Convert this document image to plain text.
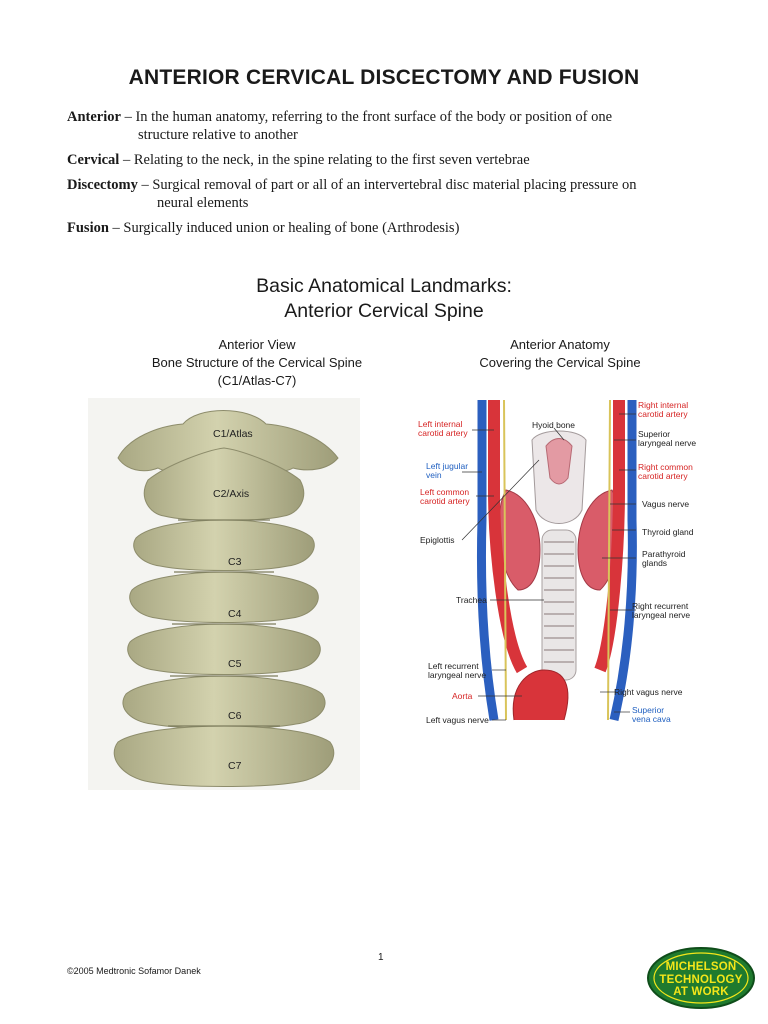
ANTERIOR CERVICAL DISCECTOMY AND FUSION
Anterior – In the human anatomy, referring to the front surface of the body or position of one
structure relative to another
Cervical – Relating to the neck, in the spine relating to the first seven vertebrae
Discectomy – Surgical removal of part or all of an intervertebral disc material placing pressure on
neural elements
Fusion – Surgically induced union or healing of bone (Arthrodesis)
Basic Anatomical Landmarks:
Anterior Cervical Spine
Anterior View
Bone Structure of the Cervical Spine
(C1/Atlas-C7)
Anterior Anatomy
Covering the Cervical Spine
C1/Atlas
C2/Axis
C3
C4
C5
C6
C7
Left internal
carotid artery
Hyoid bone
Right internal
carotid artery
Superior
laryngeal nerve
Left jugular
vein
Right common
carotid artery
Left common
carotid artery	Vagus nerve
Thyroid gland
Epiglottis
Parathyroid
glands
Trachea
Right recurrent
laryngeal nerve
Left recurrent
laryngeal nerve
Right vagus nerve
Aorta
Superior
vena cava
Left vagus nerve
1
©2005 Medtronic Sofamor Danek	MICHELSON
TECHNOLOGY
AT WORK
